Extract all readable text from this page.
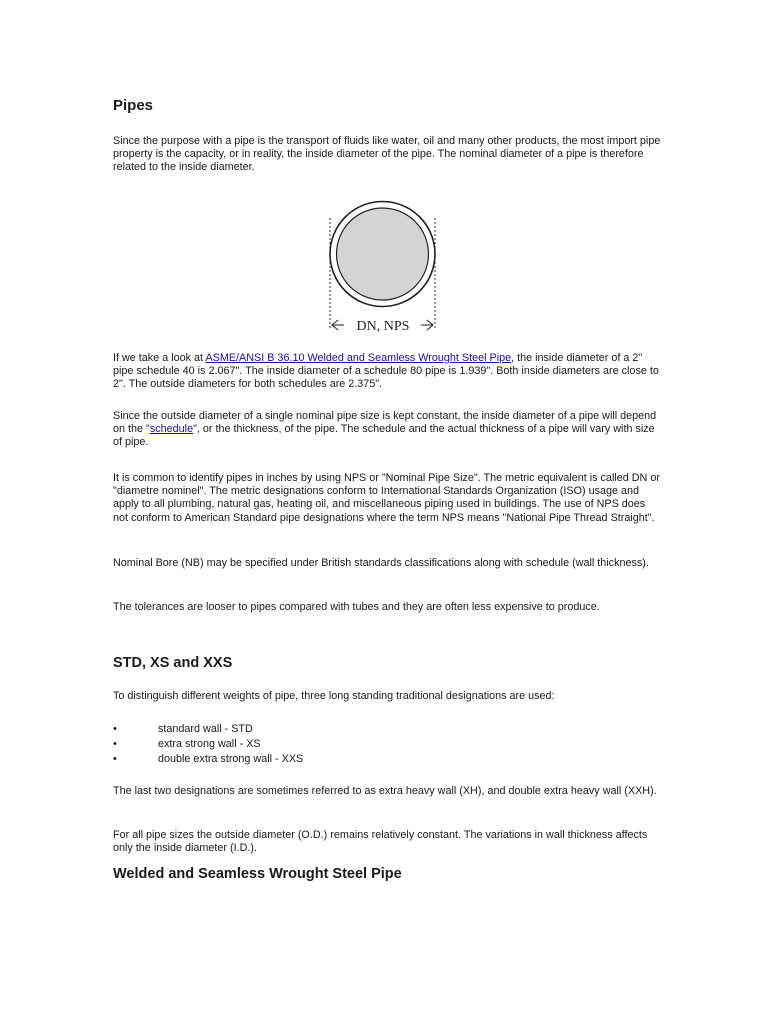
Pipes

Since the purpose with a pipe is the transport of fluids like water, oil and many other products, the most import pipe property is the capacity, or in reality, the inside diameter of the pipe. The nominal diameter of a pipe is therefore related to the inside diameter.

DN, NPS

If we take a look at ASME/ANSI B 36.10 Welded and Seamless Wrought Steel Pipe, the inside diameter of a 2" pipe schedule 40 is 2.067". The inside diameter of a schedule 80 pipe is 1.939". Both inside diameters are close to 2". The outside diameters for both schedules are 2.375".

Since the outside diameter of a single nominal pipe size is kept constant, the inside diameter of a pipe will depend on the "schedule", or the thickness, of the pipe. The schedule and the actual thickness of a pipe will vary with size of pipe.

It is common to identify pipes in inches by using NPS or "Nominal Pipe Size". The metric equivalent is called DN or "diametre nominel". The metric designations conform to International Standards Organization (ISO) usage and apply to all plumbing, natural gas, heating oil, and miscellaneous piping used in buildings. The use of NPS does not conform to American Standard pipe designations where the term NPS means "National Pipe Thread Straight".

Nominal Bore (NB) may be specified under British standards classifications along with schedule (wall thickness).

The tolerances are looser to pipes compared with tubes and they are often less expensive to produce.

STD, XS and XXS

To distinguish different weights of pipe, three long standing traditional designations are used:

•	standard wall - STD
•	extra strong wall - XS
•	double extra strong wall - XXS

The last two designations are sometimes referred to as extra heavy wall (XH), and double extra heavy wall (XXH).

For all pipe sizes the outside diameter (O.D.) remains relatively constant. The variations in wall thickness affects only the inside diameter (I.D.).

Welded and Seamless Wrought Steel Pipe
